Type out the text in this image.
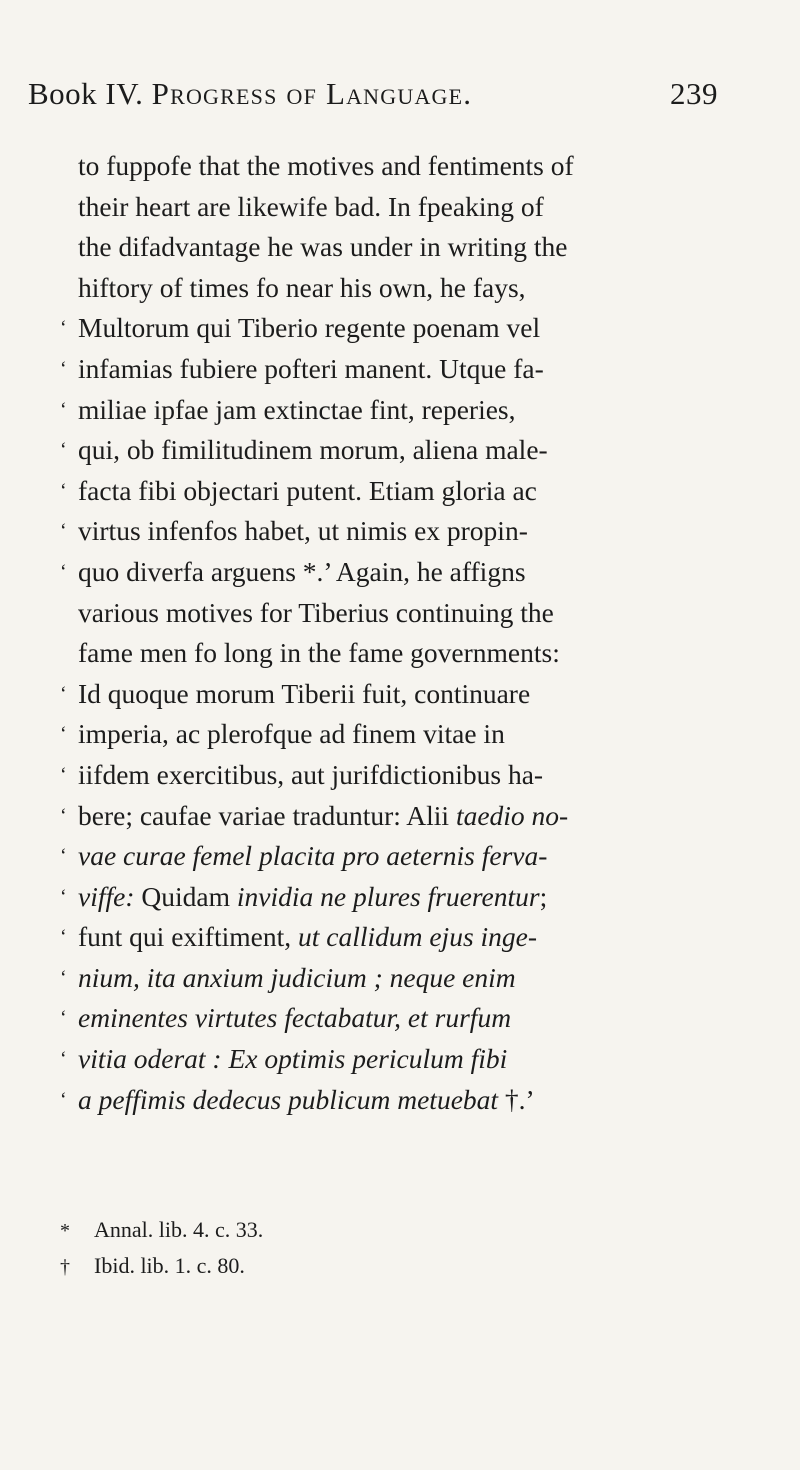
Book IV. Progress of Language.	239
to fuppofe that the motives and fentiments of
their heart are likewife bad. In fpeaking of
the difadvantage he was under in writing the
hiftory of times fo near his own, he fays,
‘ Multorum qui Tiberio regente poenam vel
‘ infamias fubiere pofteri manent. Utque fa-
‘ miliae ipfae jam extinctae fint, reperies,
‘ qui, ob fimilitudinem morum, aliena male-
‘ facta fibi objectari putent. Etiam gloria ac
‘ virtus infenfos habet, ut nimis ex propin-
‘ quo diverfa arguens *.’ Again, he affigns
various motives for Tiberius continuing the
fame men fo long in the fame governments:
‘ Id quoque morum Tiberii fuit, continuare
‘ imperia, ac plerofque ad finem vitae in
‘ iifdem exercitibus, aut jurifdictionibus ha-
‘ bere; caufae variae traduntur: Alii taedio no-
‘ vae curae femel placita pro aeternis ferva-
‘ viffe: Quidam invidia ne plures fruerentur;
‘ funt qui exiftiment, ut callidum ejus inge-
‘ nium, ita anxium judicium ; neque enim
‘ eminentes virtutes fectabatur, et rurfum
‘ vitia oderat : Ex optimis periculum fibi
‘ a peffimis dedecus publicum metuebat †.’
* Annal. lib. 4. c. 33.
† Ibid. lib. 1. c. 80.
